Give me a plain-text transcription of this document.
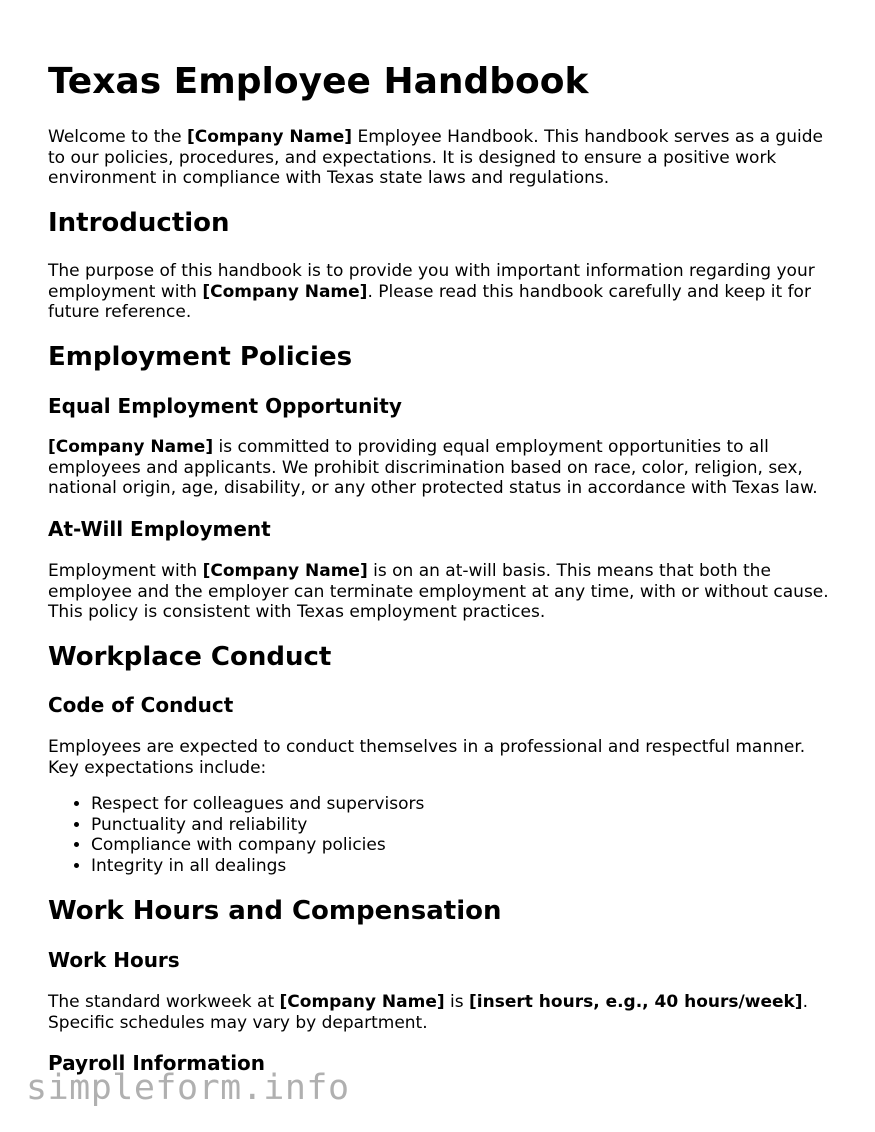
Texas Employee Handbook

Welcome to the [Company Name] Employee Handbook. This handbook serves as a guide to our policies, procedures, and expectations. It is designed to ensure a positive work environment in compliance with Texas state laws and regulations.

Introduction

The purpose of this handbook is to provide you with important information regarding your employment with [Company Name]. Please read this handbook carefully and keep it for future reference.

Employment Policies
Equal Employment Opportunity

[Company Name] is committed to providing equal employment opportunities to all employees and applicants. We prohibit discrimination based on race, color, religion, sex, national origin, age, disability, or any other protected status in accordance with Texas law.

At-Will Employment

Employment with [Company Name] is on an at-will basis. This means that both the employee and the employer can terminate employment at any time, with or without cause. This policy is consistent with Texas employment practices.

Workplace Conduct
Code of Conduct

Employees are expected to conduct themselves in a professional and respectful manner. Key expectations include:

• Respect for colleagues and supervisors
• Punctuality and reliability
• Compliance with company policies
• Integrity in all dealings
Work Hours and Compensation
Work Hours

The standard workweek at [Company Name] is [insert hours, e.g., 40 hours/week]. Specific schedules may vary by department.

Payroll Information
simpleform.info
